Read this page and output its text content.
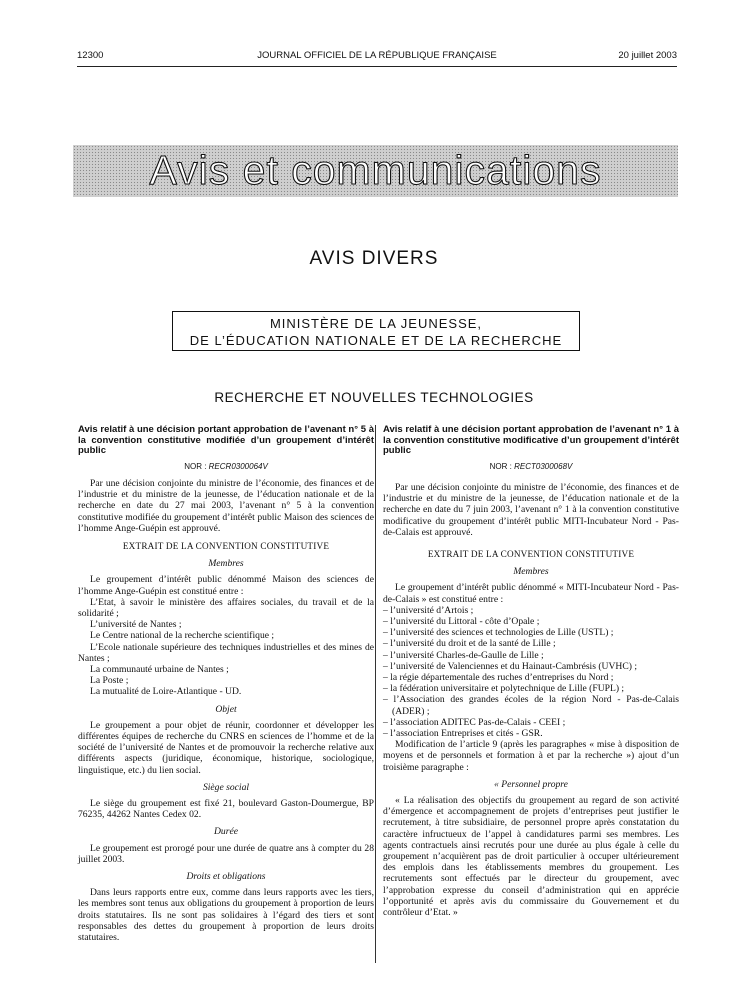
12300	JOURNAL OFFICIEL DE LA RÉPUBLIQUE FRANÇAISE	20 juillet 2003
Avis et communications
AVIS DIVERS
MINISTÈRE DE LA JEUNESSE,
DE L’ÉDUCATION NATIONALE ET DE LA RECHERCHE
RECHERCHE ET NOUVELLES TECHNOLOGIES
Avis relatif à une décision portant approbation de l’avenant n° 5 à la convention constitutive modifiée d’un groupement d’intérêt public
NOR : RECR0300064V

Par une décision conjointe du ministre de l’économie, des finances et de l’industrie et du ministre de la jeunesse, de l’éducation nationale et de la recherche en date du 27 mai 2003, l’avenant n° 5 à la convention constitutive modifiée du groupement d’intérêt public Maison des sciences de l’homme Ange-Guépin est approuvé.

EXTRAIT DE LA CONVENTION CONSTITUTIVE
Membres

Le groupement d’intérêt public dénommé Maison des sciences de l’homme Ange-Guépin est constitué entre :

L’Etat, à savoir le ministère des affaires sociales, du travail et de la solidarité ;

L’université de Nantes ;

Le Centre national de la recherche scientifique ;

L’Ecole nationale supérieure des techniques industrielles et des mines de Nantes ;

La communauté urbaine de Nantes ;

La Poste ;

La mutualité de Loire-Atlantique - UD.

Objet

Le groupement a pour objet de réunir, coordonner et développer les différentes équipes de recherche du CNRS en sciences de l’homme et de la société de l’université de Nantes et de promouvoir la recherche relative aux différents aspects (juridique, économique, historique, sociologique, linguistique, etc.) du lien social.

Siège social

Le siège du groupement est fixé 21, boulevard Gaston-Doumergue, BP 76235, 44262 Nantes Cedex 02.

Durée

Le groupement est prorogé pour une durée de quatre ans à compter du 28 juillet 2003.

Droits et obligations

Dans leurs rapports entre eux, comme dans leurs rapports avec les tiers, les membres sont tenus aux obligations du groupement à proportion de leurs droits statutaires. Ils ne sont pas solidaires à l’égard des tiers et sont responsables des dettes du groupement à proportion de leurs droits statutaires.

Avis relatif à une décision portant approbation de l’avenant n° 1 à la convention constitutive modificative d’un groupement d’intérêt public
NOR : RECT0300068V

Par une décision conjointe du ministre de l’économie, des finances et de l’industrie et du ministre de la jeunesse, de l’éducation nationale et de la recherche en date du 7 juin 2003, l’avenant n° 1 à la convention constitutive modificative du groupement d’intérêt public MITI-Incubateur Nord - Pas-de-Calais est approuvé.

EXTRAIT DE LA CONVENTION CONSTITUTIVE
Membres

Le groupement d’intérêt public dénommé « MITI-Incubateur Nord - Pas-de-Calais » est constitué entre :

– l’université d’Artois ;

– l’université du Littoral - côte d’Opale ;

– l’université des sciences et technologies de Lille (USTL) ;

– l’université du droit et de la santé de Lille ;

– l’université Charles-de-Gaulle de Lille ;

– l’université de Valenciennes et du Hainaut-Cambrésis (UVHC) ;

– la régie départementale des ruches d’entreprises du Nord ;

– la fédération universitaire et polytechnique de Lille (FUPL) ;

– l’Association des grandes écoles de la région Nord - Pas-de-Calais (ADER) ;

– l’association ADITEC Pas-de-Calais - CEEI ;

– l’association Entreprises et cités - GSR.

Modification de l’article 9 (après les paragraphes « mise à disposition de moyens et de personnels et formation à et par la recherche ») ajout d’un troisième paragraphe :

« Personnel propre

« La réalisation des objectifs du groupement au regard de son activité d’émergence et accompagnement de projets d’entreprises peut justifier le recrutement, à titre subsidiaire, de personnel propre après constatation du caractère infructueux de l’appel à candidatures parmi ses membres. Les agents contractuels ainsi recrutés pour une durée au plus égale à celle du groupement n’acquièrent pas de droit particulier à occuper ultérieurement des emplois dans les établissements membres du groupement. Les recrutements sont effectués par le directeur du groupement, avec l’approbation expresse du conseil d’administration qui en apprécie l’opportunité et après avis du commissaire du Gouvernement et du contrôleur d’Etat. »
